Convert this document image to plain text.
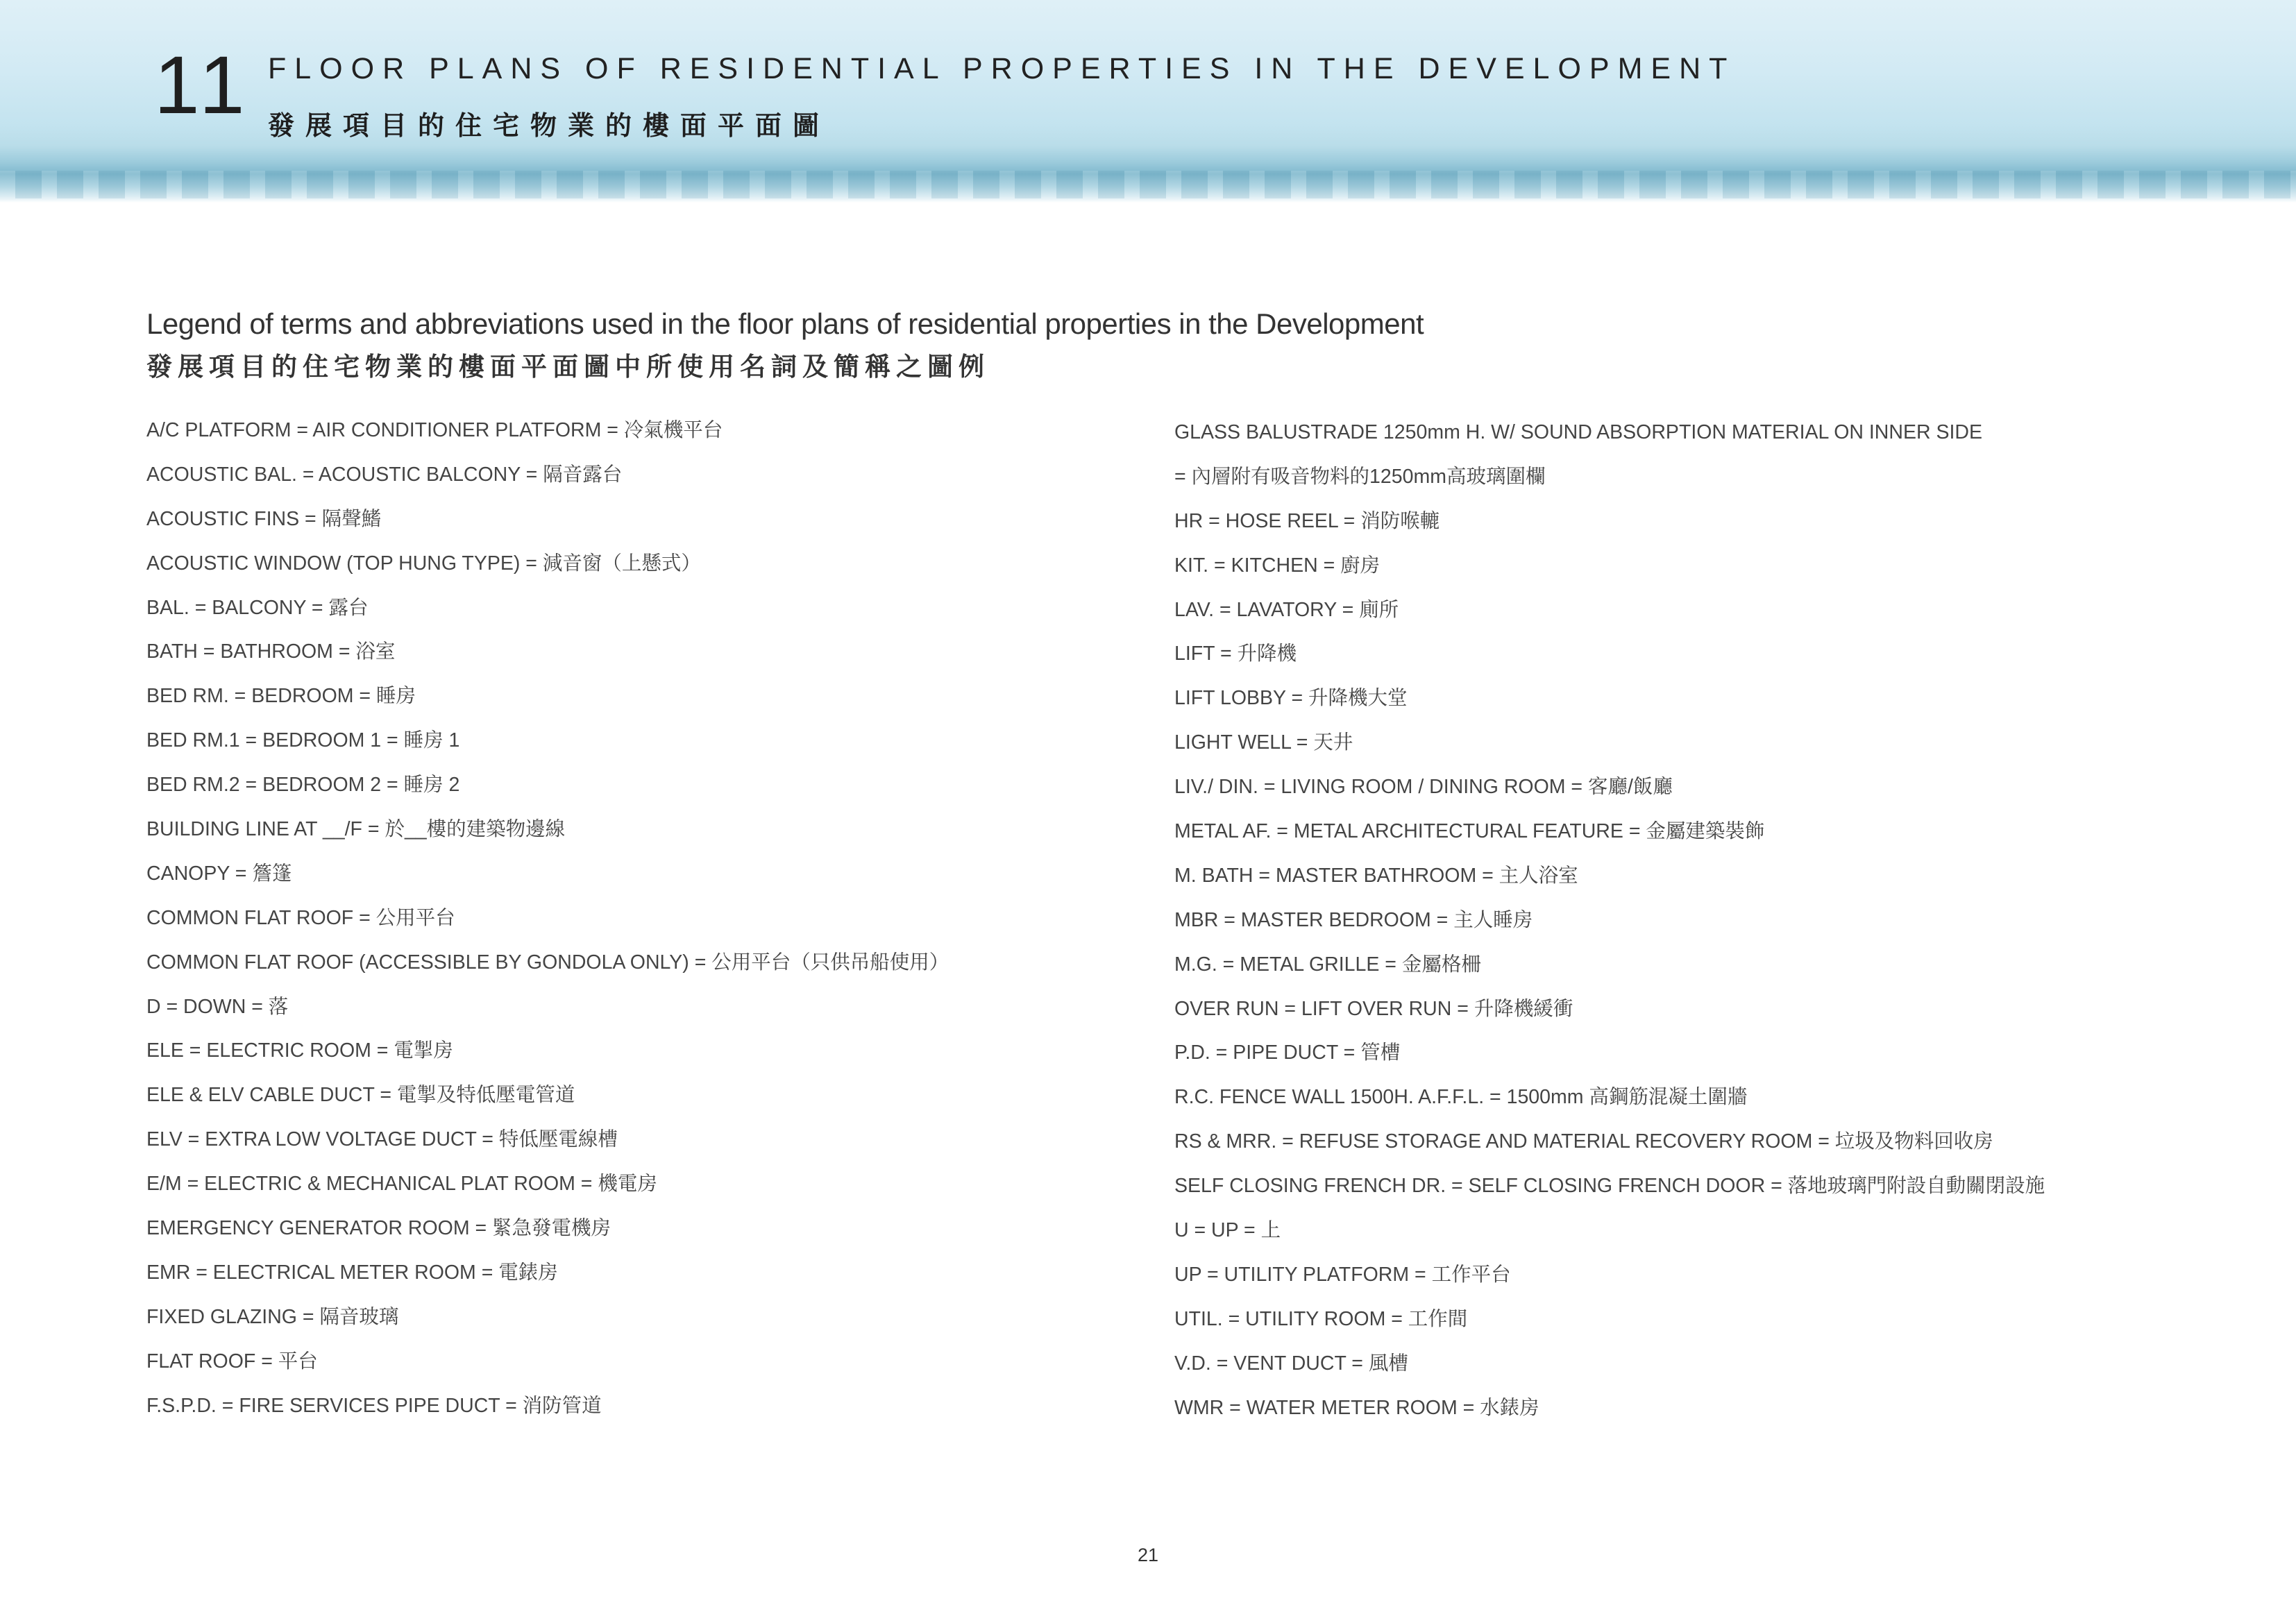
11 FLOOR PLANS OF RESIDENTIAL PROPERTIES IN THE DEVELOPMENT
發展項目的住宅物業的樓面平面圖
Legend of terms and abbreviations used in the floor plans of residential properties in the Development
發展項目的住宅物業的樓面平面圖中所使用名詞及簡稱之圖例
A/C PLATFORM = AIR CONDITIONER PLATFORM = 冷氣機平台
ACOUSTIC BAL. = ACOUSTIC BALCONY = 隔音露台
ACOUSTIC FINS = 隔聲鰭
ACOUSTIC WINDOW (TOP HUNG TYPE) = 減音窗（上懸式）
BAL. = BALCONY = 露台
BATH = BATHROOM = 浴室
BED RM. = BEDROOM = 睡房
BED RM.1 = BEDROOM 1 = 睡房 1
BED RM.2 = BEDROOM 2 = 睡房 2
BUILDING LINE AT __/F = 於__樓的建築物邊線
CANOPY = 簷篷
COMMON FLAT ROOF = 公用平台
COMMON FLAT ROOF (ACCESSIBLE BY GONDOLA ONLY) = 公用平台（只供吊船使用）
D = DOWN = 落
ELE = ELECTRIC ROOM = 電掣房
ELE & ELV CABLE DUCT = 電掣及特低壓電管道
ELV = EXTRA LOW VOLTAGE DUCT = 特低壓電線槽
E/M = ELECTRIC & MECHANICAL PLAT ROOM = 機電房
EMERGENCY GENERATOR ROOM = 緊急發電機房
EMR = ELECTRICAL METER ROOM = 電錶房
FIXED GLAZING = 隔音玻璃
FLAT ROOF = 平台
F.S.P.D. = FIRE SERVICES PIPE DUCT = 消防管道
GLASS BALUSTRADE 1250mm H. W/ SOUND ABSORPTION MATERIAL ON INNER SIDE
= 內層附有吸音物料的1250mm高玻璃圍欄
HR = HOSE REEL = 消防喉轆
KIT. = KITCHEN = 廚房
LAV. = LAVATORY = 廁所
LIFT = 升降機
LIFT LOBBY = 升降機大堂
LIGHT WELL = 天井
LIV./ DIN. = LIVING ROOM / DINING ROOM = 客廳/飯廳
METAL AF. = METAL ARCHITECTURAL FEATURE = 金屬建築裝飾
M. BATH = MASTER BATHROOM = 主人浴室
MBR = MASTER BEDROOM = 主人睡房
M.G. = METAL GRILLE = 金屬格柵
OVER RUN = LIFT OVER RUN = 升降機緩衝
P.D. = PIPE DUCT = 管槽
R.C. FENCE WALL 1500H. A.F.F.L. = 1500mm 高鋼筋混凝土圍牆
RS & MRR. = REFUSE STORAGE AND MATERIAL RECOVERY ROOM = 垃圾及物料回收房
SELF CLOSING FRENCH DR. = SELF CLOSING FRENCH DOOR = 落地玻璃門附設自動關閉設施
U = UP = 上
UP = UTILITY PLATFORM = 工作平台
UTIL. = UTILITY ROOM = 工作間
V.D. = VENT DUCT = 風槽
WMR = WATER METER ROOM = 水錶房
21
